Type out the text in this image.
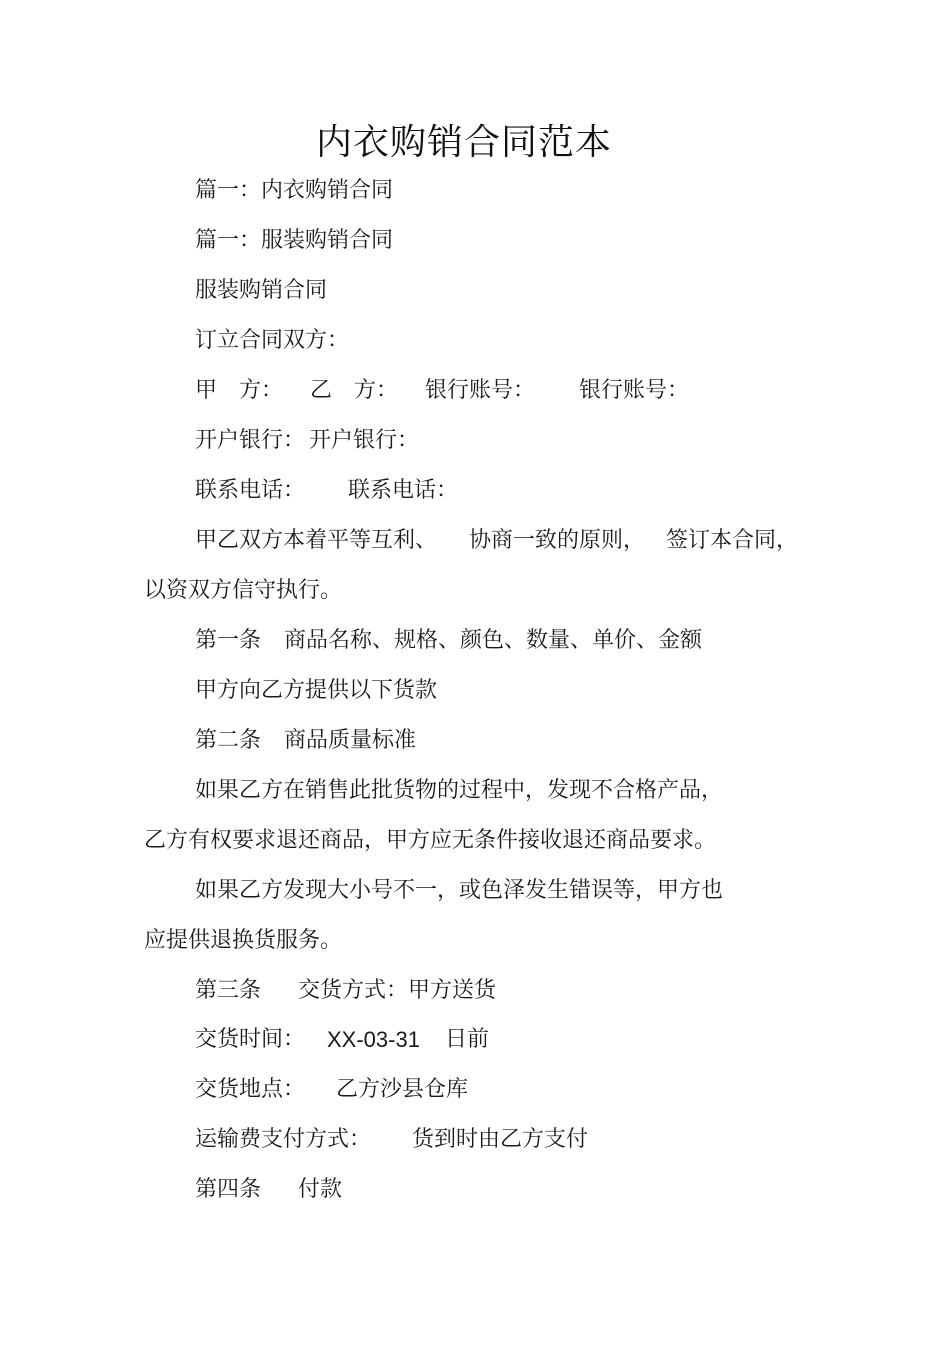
内衣购销合同范本
篇一：内衣购销合同
篇一：服装购销合同
服装购销合同
订立合同双方：

甲　方：

乙　方：

银行账号：

银行账号：

开户银行：

开户银行：

联系电话：

联系电话：

甲乙双方本着平等互利、

协商一致的原则，

签订本合同，

以资双方信守执行。

第一条

商品名称、规格、颜色、数量、单价、金额

甲方向乙方提供以下货款

第二条

商品质量标准

如果乙方在销售此批货物的过程中，发现不合格产品，
乙方有权要求退还商品，甲方应无条件接收退还商品要求。
如果乙方发现大小号不一，或色泽发生错误等，甲方也
应提供退换货服务。

第三条

交货方式：甲方送货

交货时间：

XX-03-31

日前

交货地点：

乙方沙县仓库

运输费支付方式：

货到时由乙方支付

第四条

付款
